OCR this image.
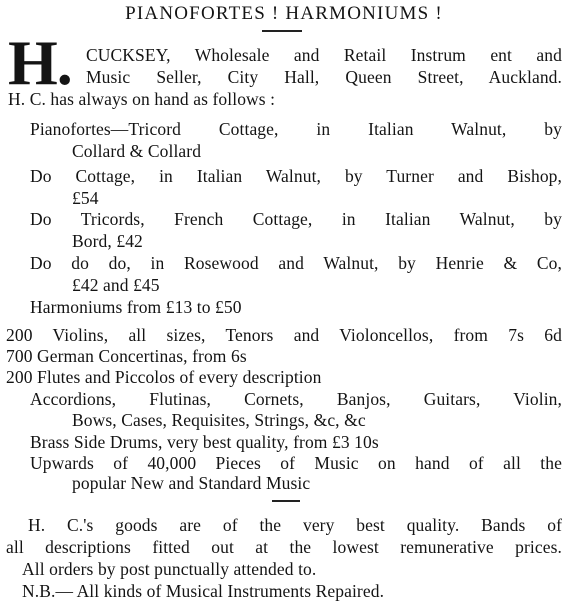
PIANOFORTES ! HARMONIUMS !
H. CUCKSEY, Wholesale and Retail Instrum ent and
Music Seller, City Hall, Queen Street, Auckland.
H. C. has always on hand as follows :
Pianofortes—Tricord Cottage, in Italian Walnut, by
Collard & Collard
Do Cottage, in Italian Walnut, by Turner and Bishop,
£54
Do Tricords, French Cottage, in Italian Walnut, by
Bord, £42
Do do do, in Rosewood and Walnut, by Henrie & Co,
£42 and £45
Harmoniums from £13 to £50
200 Violins, all sizes, Tenors and Violoncellos, from 7s 6d
700 German Concertinas, from 6s
200 Flutes and Piccolos of every description
Accordions, Flutinas, Cornets, Banjos, Guitars, Violin,
Bows, Cases, Requisites, Strings, &c, &c
Brass Side Drums, very best quality, from £3 10s
Upwards of 40,000 Pieces of Music on hand of all the
popular New and Standard Music
H. C.'s goods are of the very best quality. Bands of
all descriptions fitted out at the lowest remunerative prices.
All orders by post punctually attended to.
N.B.— All kinds of Musical Instruments Repaired.
